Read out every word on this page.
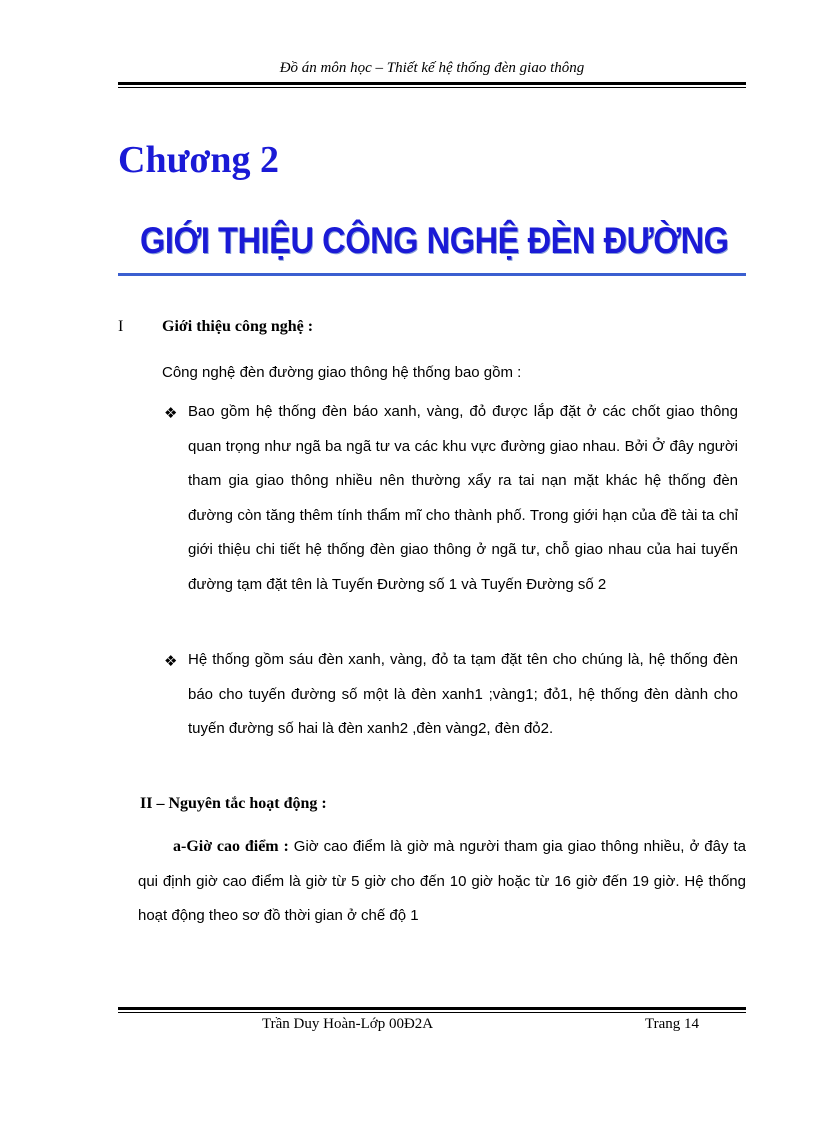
Đồ án môn học – Thiết kế hệ thống đèn giao thông
Chương 2
GIỚI THIỆU CÔNG NGHỆ ĐÈN ĐƯỜNG
I Giới thiệu công nghệ :
Công nghệ đèn đường giao thông hệ thống bao gồm :
❖ Bao gồm hệ thống đèn báo xanh, vàng, đỏ được lắp đặt ở các chốt giao thông quan trọng như ngã ba ngã tư va các khu vực đường giao nhau. Bởi Ở đây người tham gia giao thông nhiều nên thường xẩy ra tai nạn mặt khác hệ thống đèn đường còn tăng thêm tính thẩm mĩ cho thành phố. Trong giới hạn của đề tài ta chỉ giới thiệu chi tiết hệ thống đèn giao thông ở ngã tư, chỗ giao nhau của hai tuyến đường tạm đặt tên là Tuyến Đường số 1 và Tuyến Đường số 2
❖ Hệ thống gồm sáu đèn xanh, vàng, đỏ ta tạm đặt tên cho chúng là, hệ thống đèn báo cho tuyến đường số một là đèn xanh1 ;vàng1; đỏ1, hệ thống đèn dành cho tuyến đường số hai là đèn xanh2 ,đèn vàng2, đèn đỏ2.
II – Nguyên tắc hoạt động :
a-Giờ cao điểm : Giờ cao điểm là giờ mà người tham gia giao thông nhiều, ở đây ta qui định giờ cao điểm là giờ từ 5 giờ cho đến 10 giờ hoặc từ 16 giờ đến 19 giờ. Hệ thống hoạt động theo sơ đồ thời gian ở chế độ 1
Trần Duy Hoàn-Lớp 00Đ2A	Trang 14
